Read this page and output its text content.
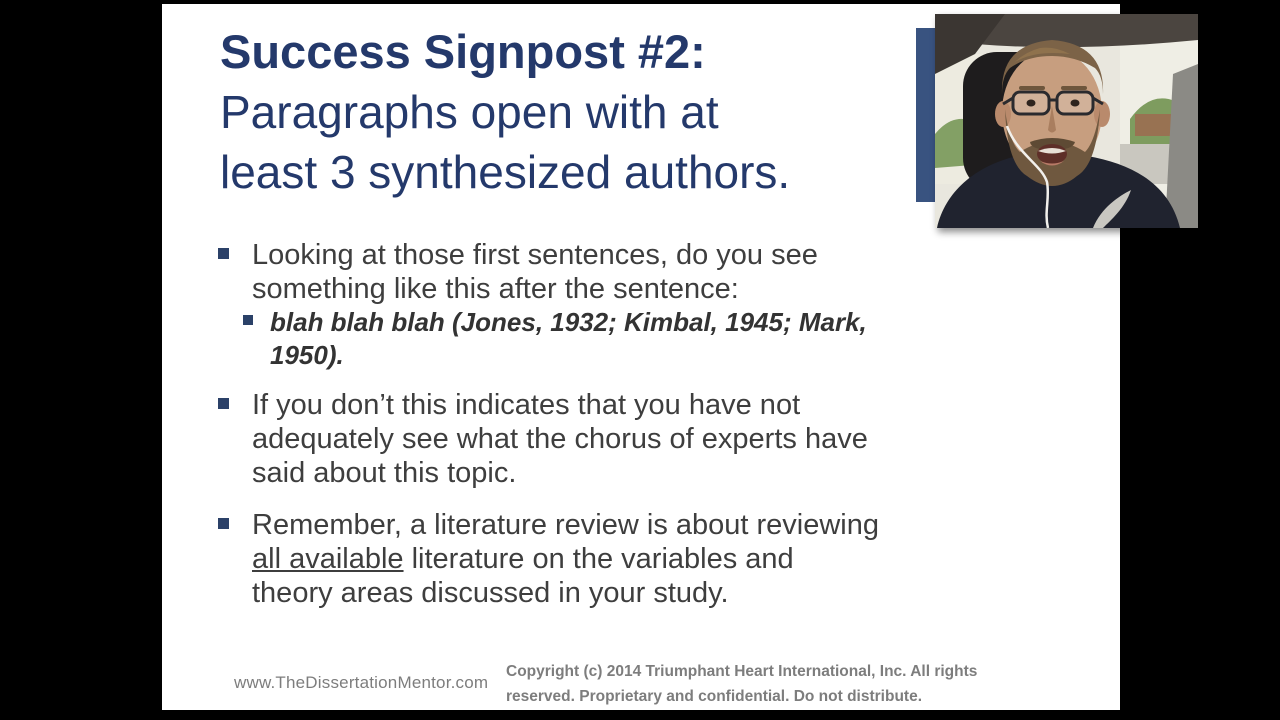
Success Signpost #2:
Paragraphs open with at
least 3 synthesized authors.
Looking at those first sentences, do you see
something like this after the sentence:
blah blah blah (Jones, 1932; Kimbal, 1945; Mark,
1950).
If you don’t this indicates that you have not
adequately see what the chorus of experts have
said about this topic.
Remember, a literature review is about reviewing
all available literature on the variables and
theory areas discussed in your study.
www.TheDissertationMentor.com
Copyright (c) 2014 Triumphant Heart International, Inc. All rights
reserved. Proprietary and confidential. Do not distribute.
